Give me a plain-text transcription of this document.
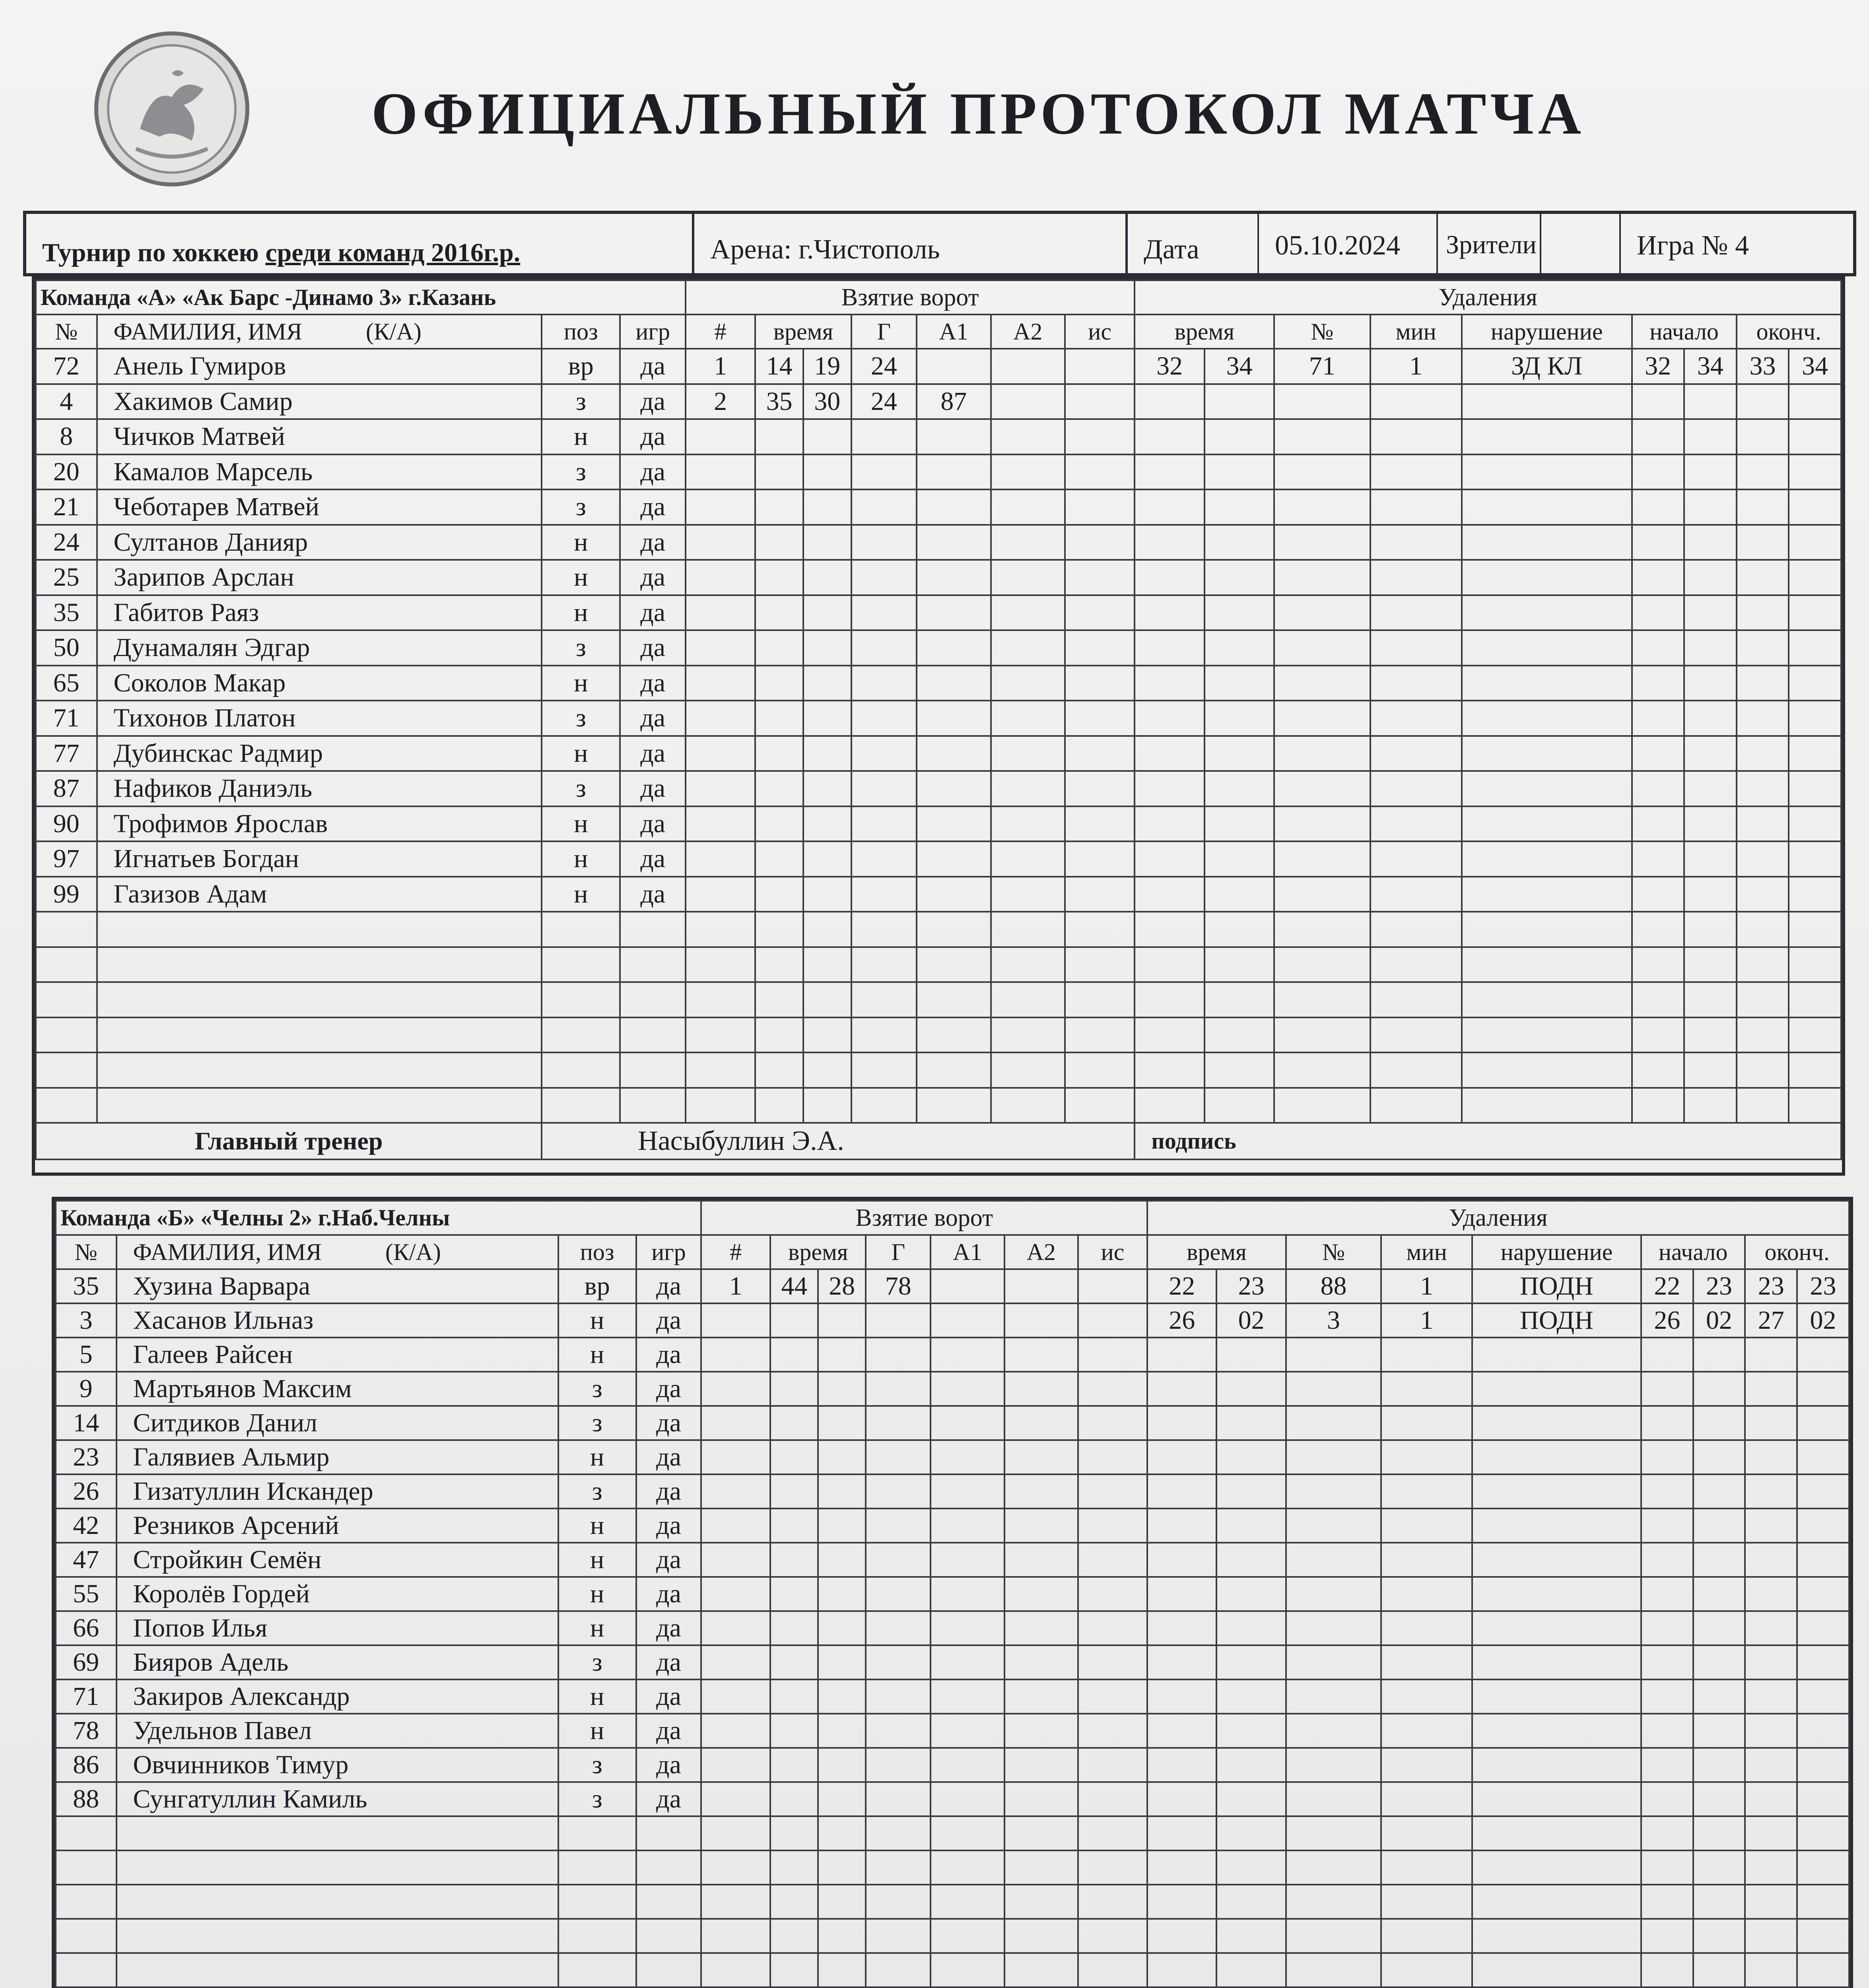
ОФИЦИАЛЬНЫЙ ПРОТОКОЛ МАТЧА
Турнир по хоккею среди команд 2016г.р.	Арена: г.Чистополь	Дата	05.10.2024	Зрители	Игра № 4
Команда «А» «Ак Барс -Динамо 3» г.Казань				Взятие ворот							Удаления								
№	ФАМИЛИЯ, ИМЯ (К/А)	поз	игр	#	время		Г	А1	А2	ис	время		№	мин	нарушение	начало		оконч.	
72	Анель Гумиров	вр	да	1	14	19	24				32	34	71	1	ЗД КЛ	32	34	33	34
4	Хакимов Самир	з	да	2	35	30	24	87											
8	Чичков Матвей	н	да																
20	Камалов Марсель	з	да																
21	Чеботарев Матвей	з	да																
24	Султанов Данияр	н	да																
25	Зарипов Арслан	н	да																
35	Габитов Раяз	н	да																
50	Дунамалян Эдгар	з	да																
65	Соколов Макар	н	да																
71	Тихонов Платон	з	да																
77	Дубинскас Радмир	н	да																
87	Нафиков Даниэль	з	да																
90	Трофимов Ярослав	н	да																
97	Игнатьев Богдан	н	да																
99	Газизов Адам	н	да																

Главный тренер		Насыбуллин Э.А.									подпись								
Команда «Б» «Челны 2» г.Наб.Челны				Взятие ворот							Удаления								
№	ФАМИЛИЯ, ИМЯ (К/А)	поз	игр	#	время		Г	А1	А2	ис	время		№	мин	нарушение	начало		оконч.	
35	Хузина Варвара	вр	да	1	44	28	78				22	23	88	1	ПОДН	22	23	23	23
3	Хасанов Ильназ	н	да								26	02	3	1	ПОДН	26	02	27	02
5	Галеев Райсен	н	да																
9	Мартьянов Максим	з	да																
14	Ситдиков Данил	з	да																
23	Галявиев Альмир	н	да																
26	Гизатуллин Искандер	з	да																
42	Резников Арсений	н	да																
47	Стройкин Семён	н	да																
55	Королёв Гордей	н	да																
66	Попов Илья	н	да																
69	Бияров Адель	з	да																
71	Закиров Александр	н	да																
78	Удельнов Павел	н	да																
86	Овчинников Тимур	з	да																
88	Сунгатуллин Камиль	з	да																
